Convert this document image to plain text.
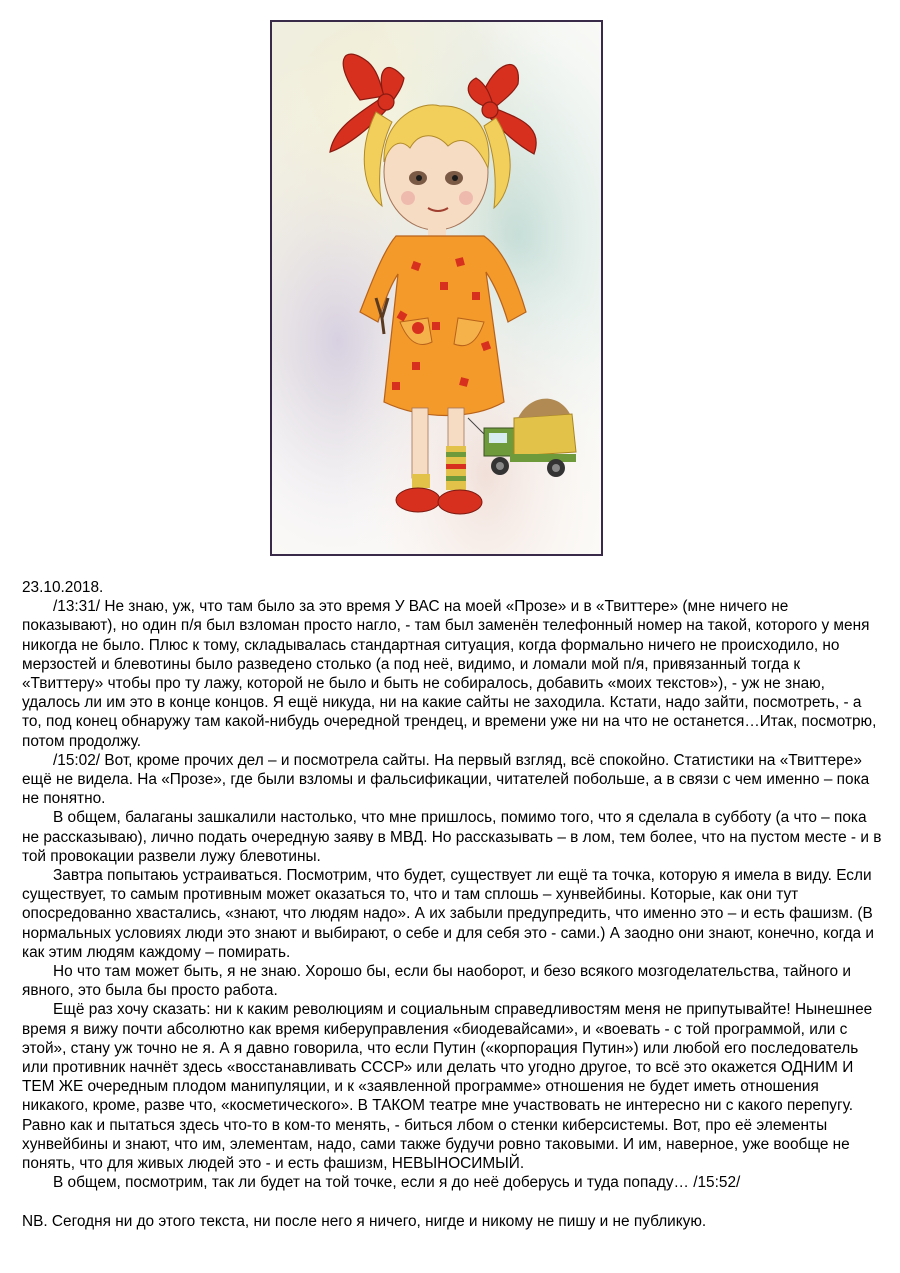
23.10.2018.

/13:31/ Не знаю, уж, что там было за это время У ВАС на моей «Прозе» и в «Твиттере» (мне ничего не показывают), но один п/я был взломан просто нагло, - там был заменён телефонный номер на такой, которого у меня никогда не было. Плюс к тому, складывалась стандартная ситуация, когда формально ничего не происходило, но мерзостей и блевотины было разведено столько (а под неё, видимо, и ломали мой п/я, привязанный тогда к «Твиттеру» чтобы про ту лажу, которой не было и быть не собиралось, добавить «моих текстов»), - уж не знаю, удалось ли им это в конце концов. Я ещё никуда, ни на какие сайты не заходила. Кстати, надо зайти, посмотреть, - а то, под конец обнаружу там какой-нибудь очередной трендец, и времени уже ни на что не останется…Итак, посмотрю, потом продолжу.

/15:02/ Вот, кроме прочих дел – и посмотрела сайты. На первый взгляд, всё спокойно. Статистики на «Твиттере» ещё не видела. На «Прозе», где были взломы и фальсификации, читателей побольше, а в связи с чем именно – пока не понятно.

В общем, балаганы зашкалили настолько, что мне пришлось, помимо того, что я сделала в субботу (а что – пока не рассказываю), лично подать очередную заяву в МВД. Но рассказывать – в лом, тем более, что на пустом месте - и в той провокации развели лужу блевотины.

Завтра попытаюь устраиваться. Посмотрим, что будет, существует ли ещё та точка, которую я имела в виду. Если существует, то самым противным может оказаться то, что и там сплошь – хунвейбины. Которые, как они тут опосредованно хвастались, «знают, что людям надо». А их забыли предупредить, что именно это – и есть фашизм. (В нормальных условиях люди это знают и выбирают, о себе и для себя это - сами.) А заодно они знают, конечно, когда и как этим людям каждому – помирать.

Но что там может быть, я не знаю. Хорошо бы, если бы наоборот, и безо всякого мозгоделательства, тайного и явного, это была бы просто работа.

Ещё раз хочу сказать: ни к каким революциям и социальным справедливостям меня не припутывайте! Нынешнее время я вижу почти абсолютно как время киберуправления «биодевайсами», и «воевать - с той программой, или с этой», стану уж точно не я. А я давно говорила, что если Путин («корпорация Путин») или любой его последователь или противник начнёт здесь «восстанавливать СССР» или делать что угодно другое, то всё это окажется ОДНИМ И ТЕМ ЖЕ очередным плодом манипуляции, и к «заявленной программе» отношения не будет иметь отношения никакого, кроме, разве что, «косметического». В ТАКОМ театре мне участвовать не интересно ни с какого перепугу. Равно как и пытаться здесь что-то в ком-то менять, - биться лбом о стенки киберсистемы. Вот, про её элементы хунвейбины и знают, что им, элементам, надо, сами также будучи ровно таковыми. И им, наверное, уже вообще не понять, что для живых людей это - и есть фашизм, НЕВЫНОСИМЫЙ.

В общем, посмотрим, так ли будет на той точке, если я до неё доберусь и туда попаду… /15:52/

NB. Сегодня ни до этого текста, ни после него я ничего, нигде и никому не пишу и не публикую.
